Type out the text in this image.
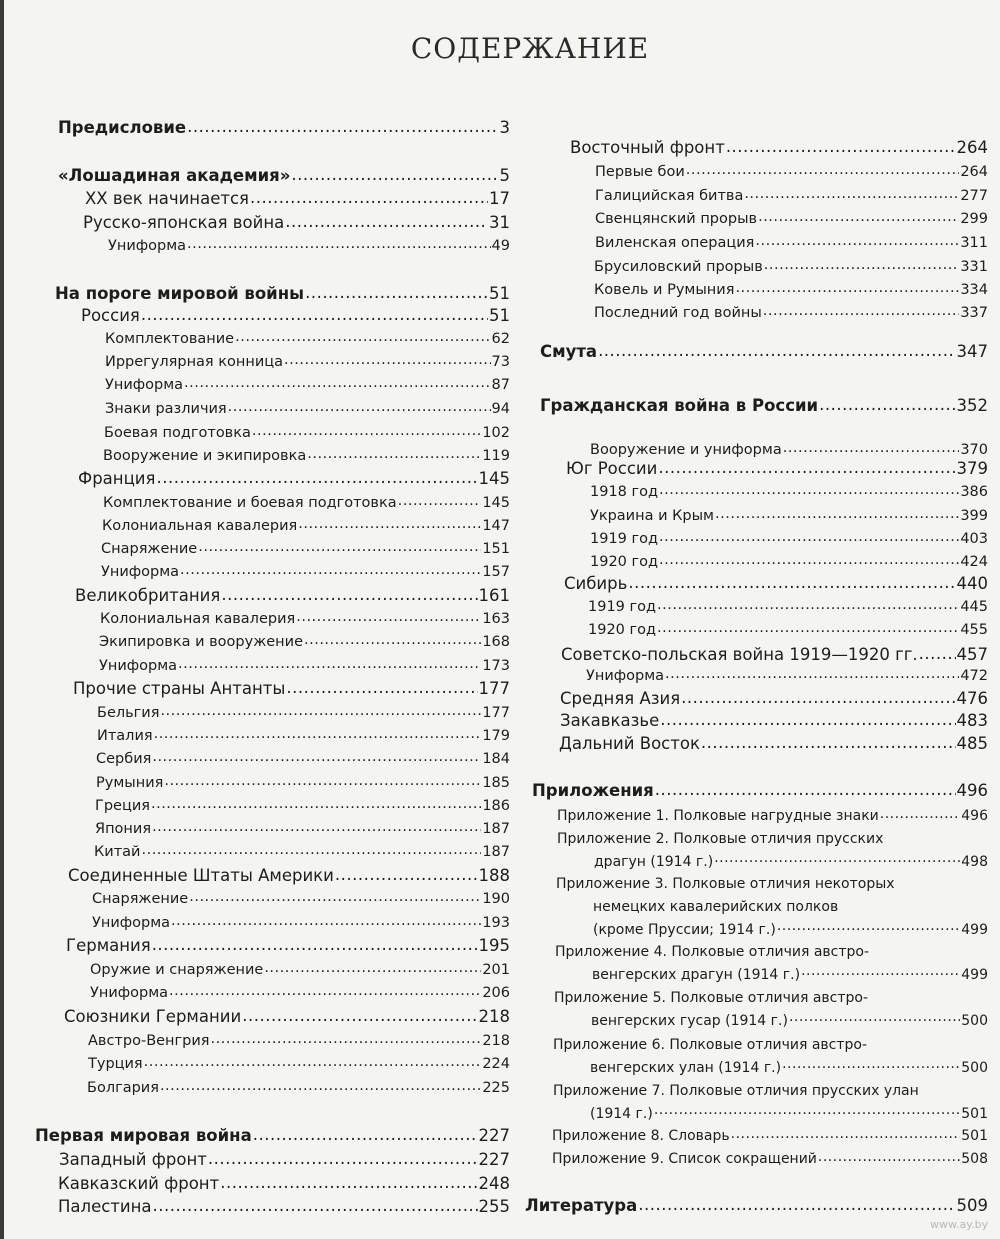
СОДЕРЖАНИЕ
Предисловие .....	3
«Лошадиная академия» .....	5
XX век начинается .....	17
Русско-японская война .....	31
Униформа .....	49
На пороге мировой войны .....	51
Россия .....	51
Комплектование .....	62
Иррегулярная конница .....	73
Униформа .....	87
Знаки различия .....	94
Боевая подготовка .....	102
Вооружение и экипировка .....	119
Франция .....	145
Комплектование и боевая подготовка .....	145
Колониальная кавалерия .....	147
Снаряжение .....	151
Униформа .....	157
Великобритания .....	161
Колониальная кавалерия .....	163
Экипировка и вооружение .....	168
Униформа .....	173
Прочие страны Антанты .....	177
Бельгия .....	177
Италия .....	179
Сербия .....	184
Румыния .....	185
Греция .....	186
Япония .....	187
Китай .....	187
Соединенные Штаты Америки .....	188
Снаряжение .....	190
Униформа .....	193
Германия .....	195
Оружие и снаряжение .....	201
Униформа .....	206
Союзники Германии .....	218
Австро-Венгрия .....	218
Турция .....	224
Болгария .....	225
Первая мировая война .....	227
Западный фронт .....	227
Кавказский фронт .....	248
Палестина .....	255
Восточный фронт .....	264
Первые бои .....	264
Галицийская битва .....	277
Свенцянский прорыв .....	299
Виленская операция .....	311
Брусиловский прорыв .....	331
Ковель и Румыния .....	334
Последний год войны .....	337
Смута .....	347
Гражданская война в России .....	352
Вооружение и униформа .....	370
Юг России .....	379
1918 год .....	386
Украина и Крым .....	399
1919 год .....	403
1920 год .....	424
Сибирь .....	440
1919 год .....	445
1920 год .....	455
Советско-польская война 1919—1920 гг. ..... 457
Униформа .....	472
Средняя Азия .....	476
Закавказье .....	483
Дальний Восток .....	485
Приложения .....	496
Приложение 1. Полковые нагрудные знаки .....	496
Приложение 2. Полковые отличия прусских
драгун (1914 г.) .....	498
Приложение 3. Полковые отличия некоторых
немецких кавалерийских полков
(кроме Пруссии; 1914 г.) .....	499
Приложение 4. Полковые отличия австро-
венгерских драгун (1914 г.) .....	499
Приложение 5. Полковые отличия австро-
венгерских гусар (1914 г.) .....	500
Приложение 6. Полковые отличия австро-
венгерских улан (1914 г.) .....	500
Приложение 7. Полковые отличия прусских улан
(1914 г.) .....	501
Приложение 8. Словарь .....	501
Приложение 9. Список сокращений .....	508
Литература .....	509
www.ay.by
